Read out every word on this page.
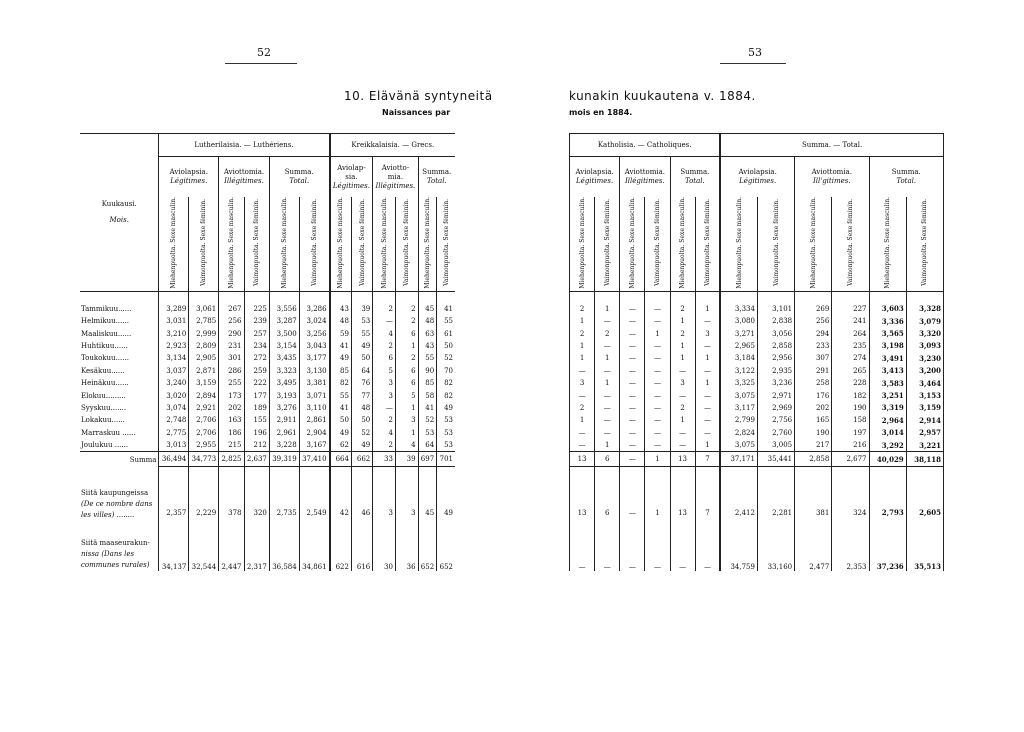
52	53
10. Elävänä syntyneitä	kunakin kuukautena v. 1884.
Naissances par	mois en 1884.
Kuukausi.
Mois.	Lutherilaisia. — Luthériens.						Kreikkalaisia. — Grecs.					
	Aviolapsia.
Légitimes.		Aviottomia.
Illégitimes.		Summa.
Total.		Aviolap-sia.
Légitimes.		Aviotto-mia.
Illégitimes.		Summa.
Total.	
	Miehenpuolta. Sexe masculin.	Vaimonpuolta. Sexe féminin.	Miehenpuolta. Sexe masculin.	Vaimonpuolta. Sexe féminin.	Miehenpuolta. Sexe masculin.	Vaimonpuolta. Sexe féminin.	Miehenpuolta. Sexe masculin.	Vaimonpuolta. Sexe féminin.	Miehenpuolta. Sexe masculin.	Vaimonpuolta. Sexe féminin.	Miehenpuolta. Sexe masculin.	Vaimonpuolta. Sexe féminin.

Tammikuu......	3,289	3,061	267	225	3,556	3,286	43	39	2	2	45	41
Helmikuu......	3,031	2,785	256	239	3,287	3,024	48	53	—	2	48	55
Maaliskuu......	3,210	2,999	290	257	3,500	3,256	59	55	4	6	63	61
Huhtikuu......	2,923	2,809	231	234	3,154	3,043	41	49	2	1	43	50
Toukokuu......	3,134	2,905	301	272	3,435	3,177	49	50	6	2	55	52
Kesäkuu......	3,037	2,871	286	259	3,323	3,130	85	64	5	6	90	70
Heinäkuu......	3,240	3,159	255	222	3,495	3,381	82	76	3	6	85	82
Elokuu.........	3,020	2,894	173	177	3,193	3,071	55	77	3	5	58	82
Syyskuu.......	3,074	2,921	202	189	3,276	3,110	41	48	—	1	41	49
Lokakuu......	2,748	2,706	163	155	2,911	2,861	50	50	2	3	52	53
Marraskuu ......	2,775	2,706	186	196	2,961	2,904	49	52	4	1	53	53
Joulukuu ......	3,013	2,955	215	212	3,228	3,167	62	49	2	4	64	53
Summa	36,494	34,773	2,825	2,637	39,319	37,410	664	662	33	39	697	701

Siitä kaupungeissa
(De ce nombre dans
les villes) ........	2,357	2,229	378	320	2,735	2,549	42	46	3	3	45	49

Siitä maaseurakun-
nissa (Dans les
communes rurales)	34,137	32,544	2,447	2,317	36,584	34,861	622	616	30	36	652	652
Katholisia. — Catholiques.						Summa. — Total.					
Aviolapsia.
Légitimes.		Aviottomia.
Illégitimes.		Summa.
Total.		Aviolapsia.
Légitimes.		Aviottomia.
Ill'gitimes.		Summa.
Total.	
Miehenpuolta. Sexe masculin.	Vaimonpuolta. Sexe féminin.	Miehenpuolta. Sexe masculin.	Vaimonpuolta. Sexe féminin.	Miehenpuolta. Sexe masculin.	Vaimonpuolta. Sexe féminin.	Miehenpuolta. Sexe masculin.	Vaimonpuolta. Sexe féminin.	Miehenpuolta. Sexe masculin.	Vaimonpuolta. Sexe féminin.	Miehenpuolta. Sexe masculin.	Vaimonpuolta. Sexe féminin.

2	1	—	—	2	1	3,334	3,101	269	227	3,603	3,328
1	—	—	—	1	—	3,080	2,838	256	241	3,336	3,079
2	2	—	1	2	3	3,271	3,056	294	264	3,565	3,320
1	—	—	—	1	—	2,965	2,858	233	235	3,198	3,093
1	1	—	—	1	1	3,184	2,956	307	274	3,491	3,230
—	—	—	—	—	—	3,122	2,935	291	265	3,413	3,200
3	1	—	—	3	1	3,325	3,236	258	228	3,583	3,464
—	—	—	—	—	—	3,075	2,971	176	182	3,251	3,153
2	—	—	—	2	—	3,117	2,969	202	190	3,319	3,159
1	—	—	—	1	—	2,799	2,756	165	158	2,964	2,914
—	—	—	—	—	—	2,824	2,760	190	197	3,014	2,957
—	1	—	—	—	1	3,075	3,005	217	216	3,292	3,221
13	6	—	1	13	7	37,171	35,441	2,858	2,677	40,029	38,118
13	6	—	1	13	7	2,412	2,281	381	324	2,793	2,605
—	—	—	—	—	—	34,759	33,160	2,477	2,353	37,236	35,513
